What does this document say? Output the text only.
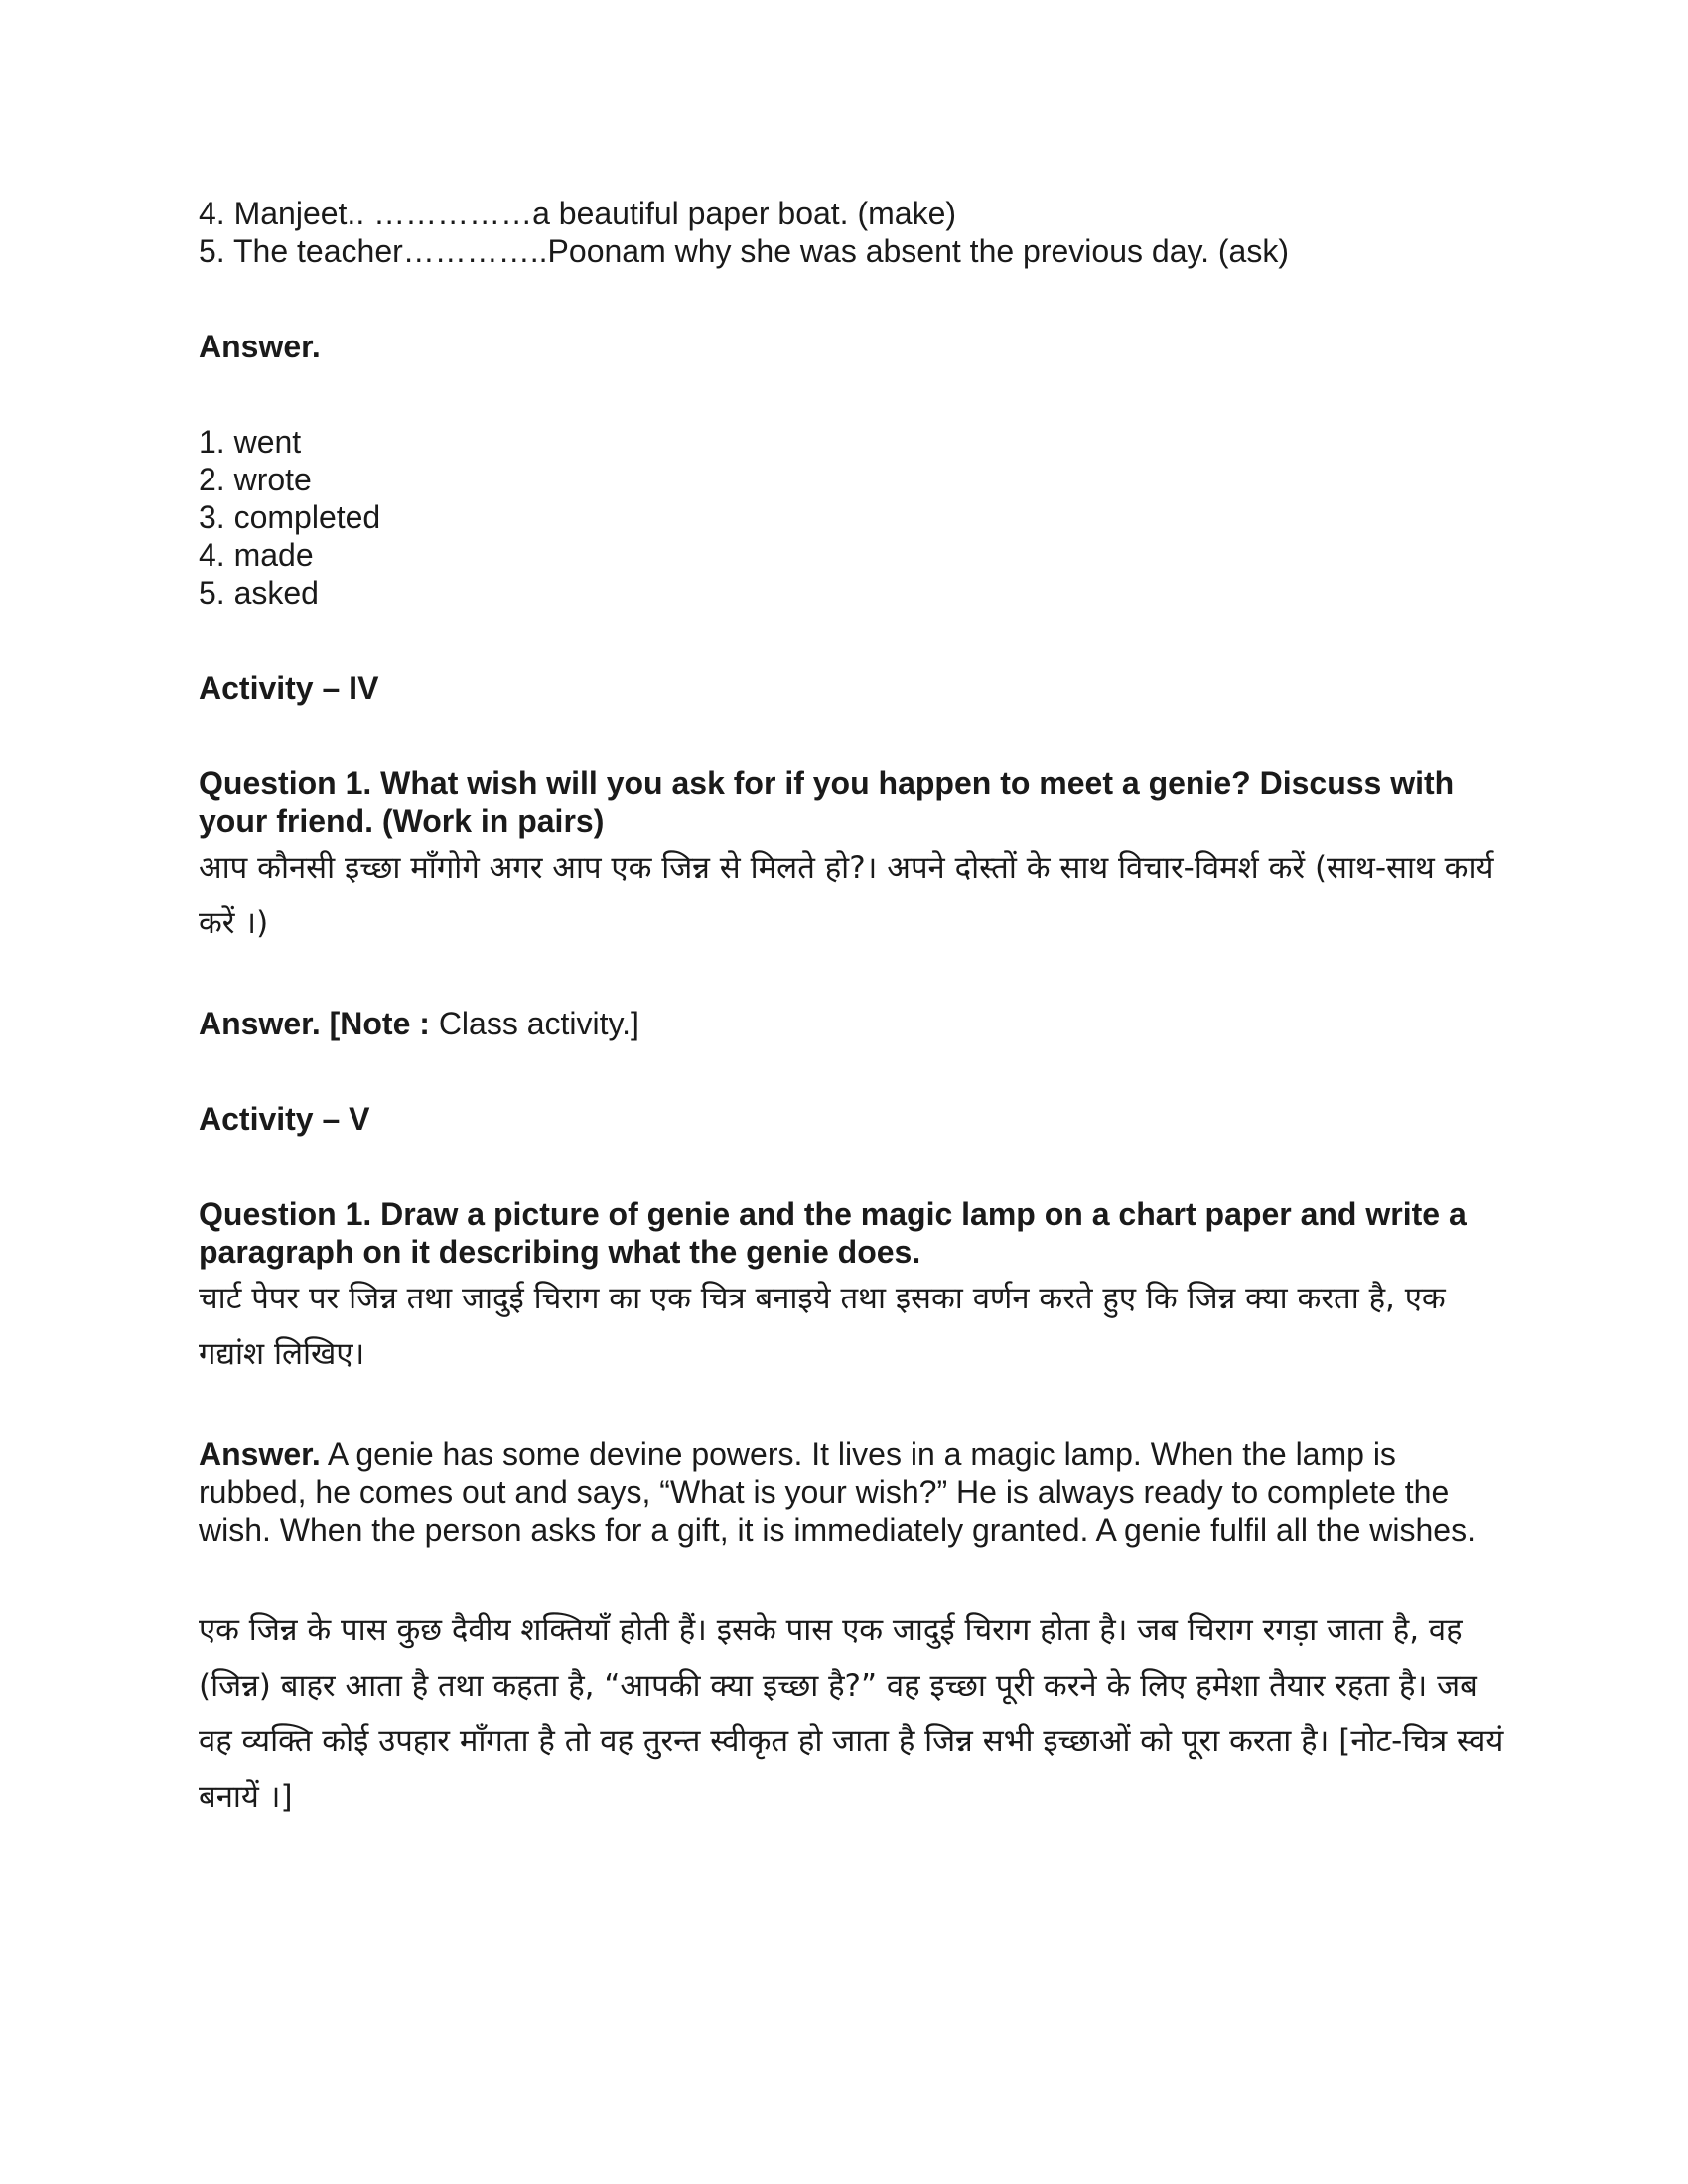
4. Manjeet.. ……………a beautiful paper boat. (make)

5. The teacher…………..Poonam why she was absent the previous day. (ask)

Answer.

1. went

2. wrote

3. completed

4. made

5. asked

Activity – IV

Question 1. What wish will you ask for if you happen to meet a genie? Discuss with your friend. (Work in pairs)

आप कौनसी इच्छा माँगोगे अगर आप एक जिन्न से मिलते हो?। अपने दोस्तों के साथ विचार-विमर्श करें (साथ-साथ कार्य करें ।)

Answer. [Note : Class activity.]

Activity – V

Question 1. Draw a picture of genie and the magic lamp on a chart paper and write a paragraph on it describing what the genie does.

चार्ट पेपर पर जिन्न तथा जादुई चिराग का एक चित्र बनाइये तथा इसका वर्णन करते हुए कि जिन्न क्या करता है, एक गद्यांश लिखिए।

Answer. A genie has some devine powers. It lives in a magic lamp. When the lamp is rubbed, he comes out and says, “What is your wish?” He is always ready to complete the wish. When the person asks for a gift, it is immediately granted. A genie fulfil all the wishes.

एक जिन्न के पास कुछ दैवीय शक्तियाँ होती हैं। इसके पास एक जादुई चिराग होता है। जब चिराग रगड़ा जाता है, वह (जिन्न) बाहर आता है तथा कहता है, “आपकी क्या इच्छा है?” वह इच्छा पूरी करने के लिए हमेशा तैयार रहता है। जब वह व्यक्ति कोई उपहार माँगता है तो वह तुरन्त स्वीकृत हो जाता है जिन्न सभी इच्छाओं को पूरा करता है। [नोट-चित्र स्वयं बनायें ।]
